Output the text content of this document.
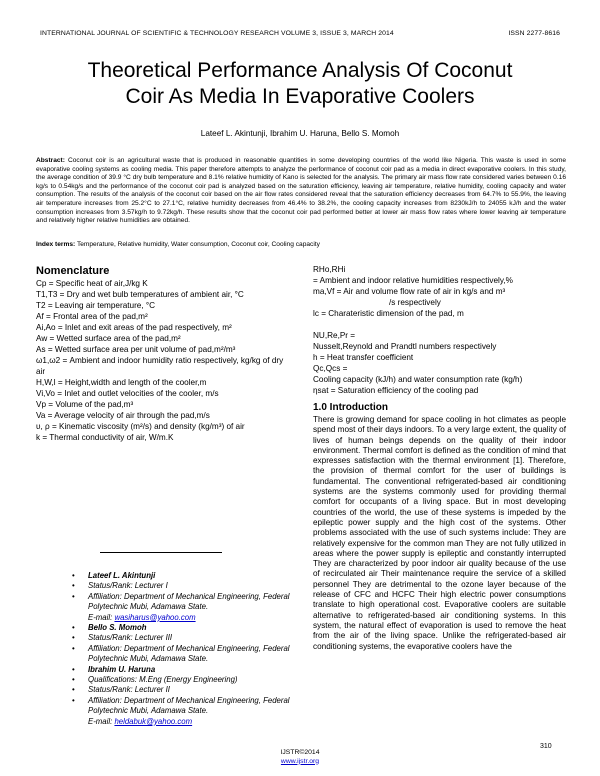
INTERNATIONAL JOURNAL OF SCIENTIFIC & TECHNOLOGY RESEARCH VOLUME 3, ISSUE 3, MARCH 2014	ISSN 2277-8616
Theoretical Performance Analysis Of Coconut
Coir As Media In Evaporative Coolers
Lateef L. Akintunji, Ibrahim U. Haruna, Bello S. Momoh
Abstract: Coconut coir is an agricultural waste that is produced in reasonable quantities in some developing countries of the world like Nigeria. This waste is used in some evaporative cooling systems as cooling media. This paper therefore attempts to analyze the performance of coconut coir pad as a media in direct evaporative coolers. In this study, the average condition of 39.9 °C dry bulb temperature and 8.1% relative humidity of Kano is selected for the analysis. The primary air mass flow rate considered varies between 0.16 kg/s to 0.54kg/s and the performance of the coconut coir pad is analyzed based on the saturation efficiency, leaving air temperature, relative humidity, cooling capacity and water consumption. The results of the analysis of the coconut coir based on the air flow rates considered reveal that the saturation efficiency decreases from 64.7% to 55.9%, the leaving air temperature increases from 25.2°C to 27.1°C, relative humidity decreases from 46.4% to 38.2%, the cooling capacity increases from 8230kJ/h to 24055 kJ/h and the water consumption increases from 3.57kg/h to 9.72kg/h. These results show that the coconut coir pad performed better at lower air mass flow rates where lower leaving air temperature and relatively higher relative humidities are obtained.
Index terms: Temperature, Relative humidity, Water consumption, Coconut coir, Cooling capacity
Nomenclature
Cp = Specific heat of air,J/kg K
T1,T3 = Dry and wet bulb temperatures of ambient air, °C
T2 = Leaving air temperature, °C
Af = Frontal area of the pad,m²
Ai,Ao = Inlet and exit areas of the pad respectively, m²
Aw = Wetted surface area of the pad,m²
As = Wetted surface area per unit volume of pad,m²/m³
ω1,ω2 = Ambient and indoor humidity ratio respectively, kg/kg of dry air
H,W,l = Height,width and length of the cooler,m
Vi,Vo = Inlet and outlet velocities of the cooler, m/s
Vp = Volume of the pad,m³
Va = Average velocity of air through the pad,m/s
υ, ρ = Kinematic viscosity (m²/s) and density (kg/m³) of air
k = Thermal conductivity of air, W/m.K
RHo,RHi
= Ambient and indoor relative humidities respectively,%
ma,Vf = Air and volume flow rate of air in kg/s and m³
/s respectively
lc = Charateristic dimension of the pad, m

NU,Re,Pr =
Nusselt,Reynold and Prandtl numbers respectively
h = Heat transfer coefficient
Qc,Qcs =
Cooling capacity (kJ/h) and water consumption rate (kg/h)
ηsat = Saturation efficiency of the cooling pad
1.0 Introduction

There is growing demand for space cooling in hot climates as people spend most of their days indoors. To a very large extent, the quality of lives of human beings depends on the quality of their indoor environment. Thermal comfort is defined as the condition of mind that expresses satisfaction with the thermal environment [1]. Therefore, the provision of thermal comfort for the user of buildings is fundamental. The conventional refrigerated-based air conditioning systems are the systems commonly used for providing thermal comfort for occupants of a living space. But in most developing countries of the world, the use of these systems is impeded by the epileptic power supply and the high cost of the systems. Other problems associated with the use of such systems include: They are relatively expensive for the common man They are not fully utilized in areas where the power supply is epileptic and constantly interrupted They are characterized by poor indoor air quality because of the use of recirculated air Their maintenance require the service of a skilled personnel They are detrimental to the ozone layer because of the release of CFC and HCFC Their high electric power consumptions translate to high operational cost. Evaporative coolers are suitable alternative to refrigerated-based air conditioning systems. In this system, the natural effect of evaporation is used to remove the heat from the air of the living space. Unlike the refrigerated-based air conditioning systems, the evaporative coolers have the

• Lateef L. Akintunji
• Status/Rank: Lecturer I
• Affiliation: Department of Mechanical Engineering, Federal Polytechnic Mubi, Adamawa State.
E-mail: wasiharus@yahoo.com
• Bello S. Momoh
• Status/Rank: Lecturer III
• Affiliation: Department of Mechanical Engineering, Federal Polytechnic Mubi, Adamawa State.
• Ibrahim U. Haruna
• Qualifications: M.Eng (Energy Engineering)
• Status/Rank: Lecturer II
• Affiliation: Department of Mechanical Engineering, Federal Polytechnic Mubi, Adamawa State.
E-mail: heldabuk@yahoo.com
310
IJSTR©2014
www.ijstr.org
